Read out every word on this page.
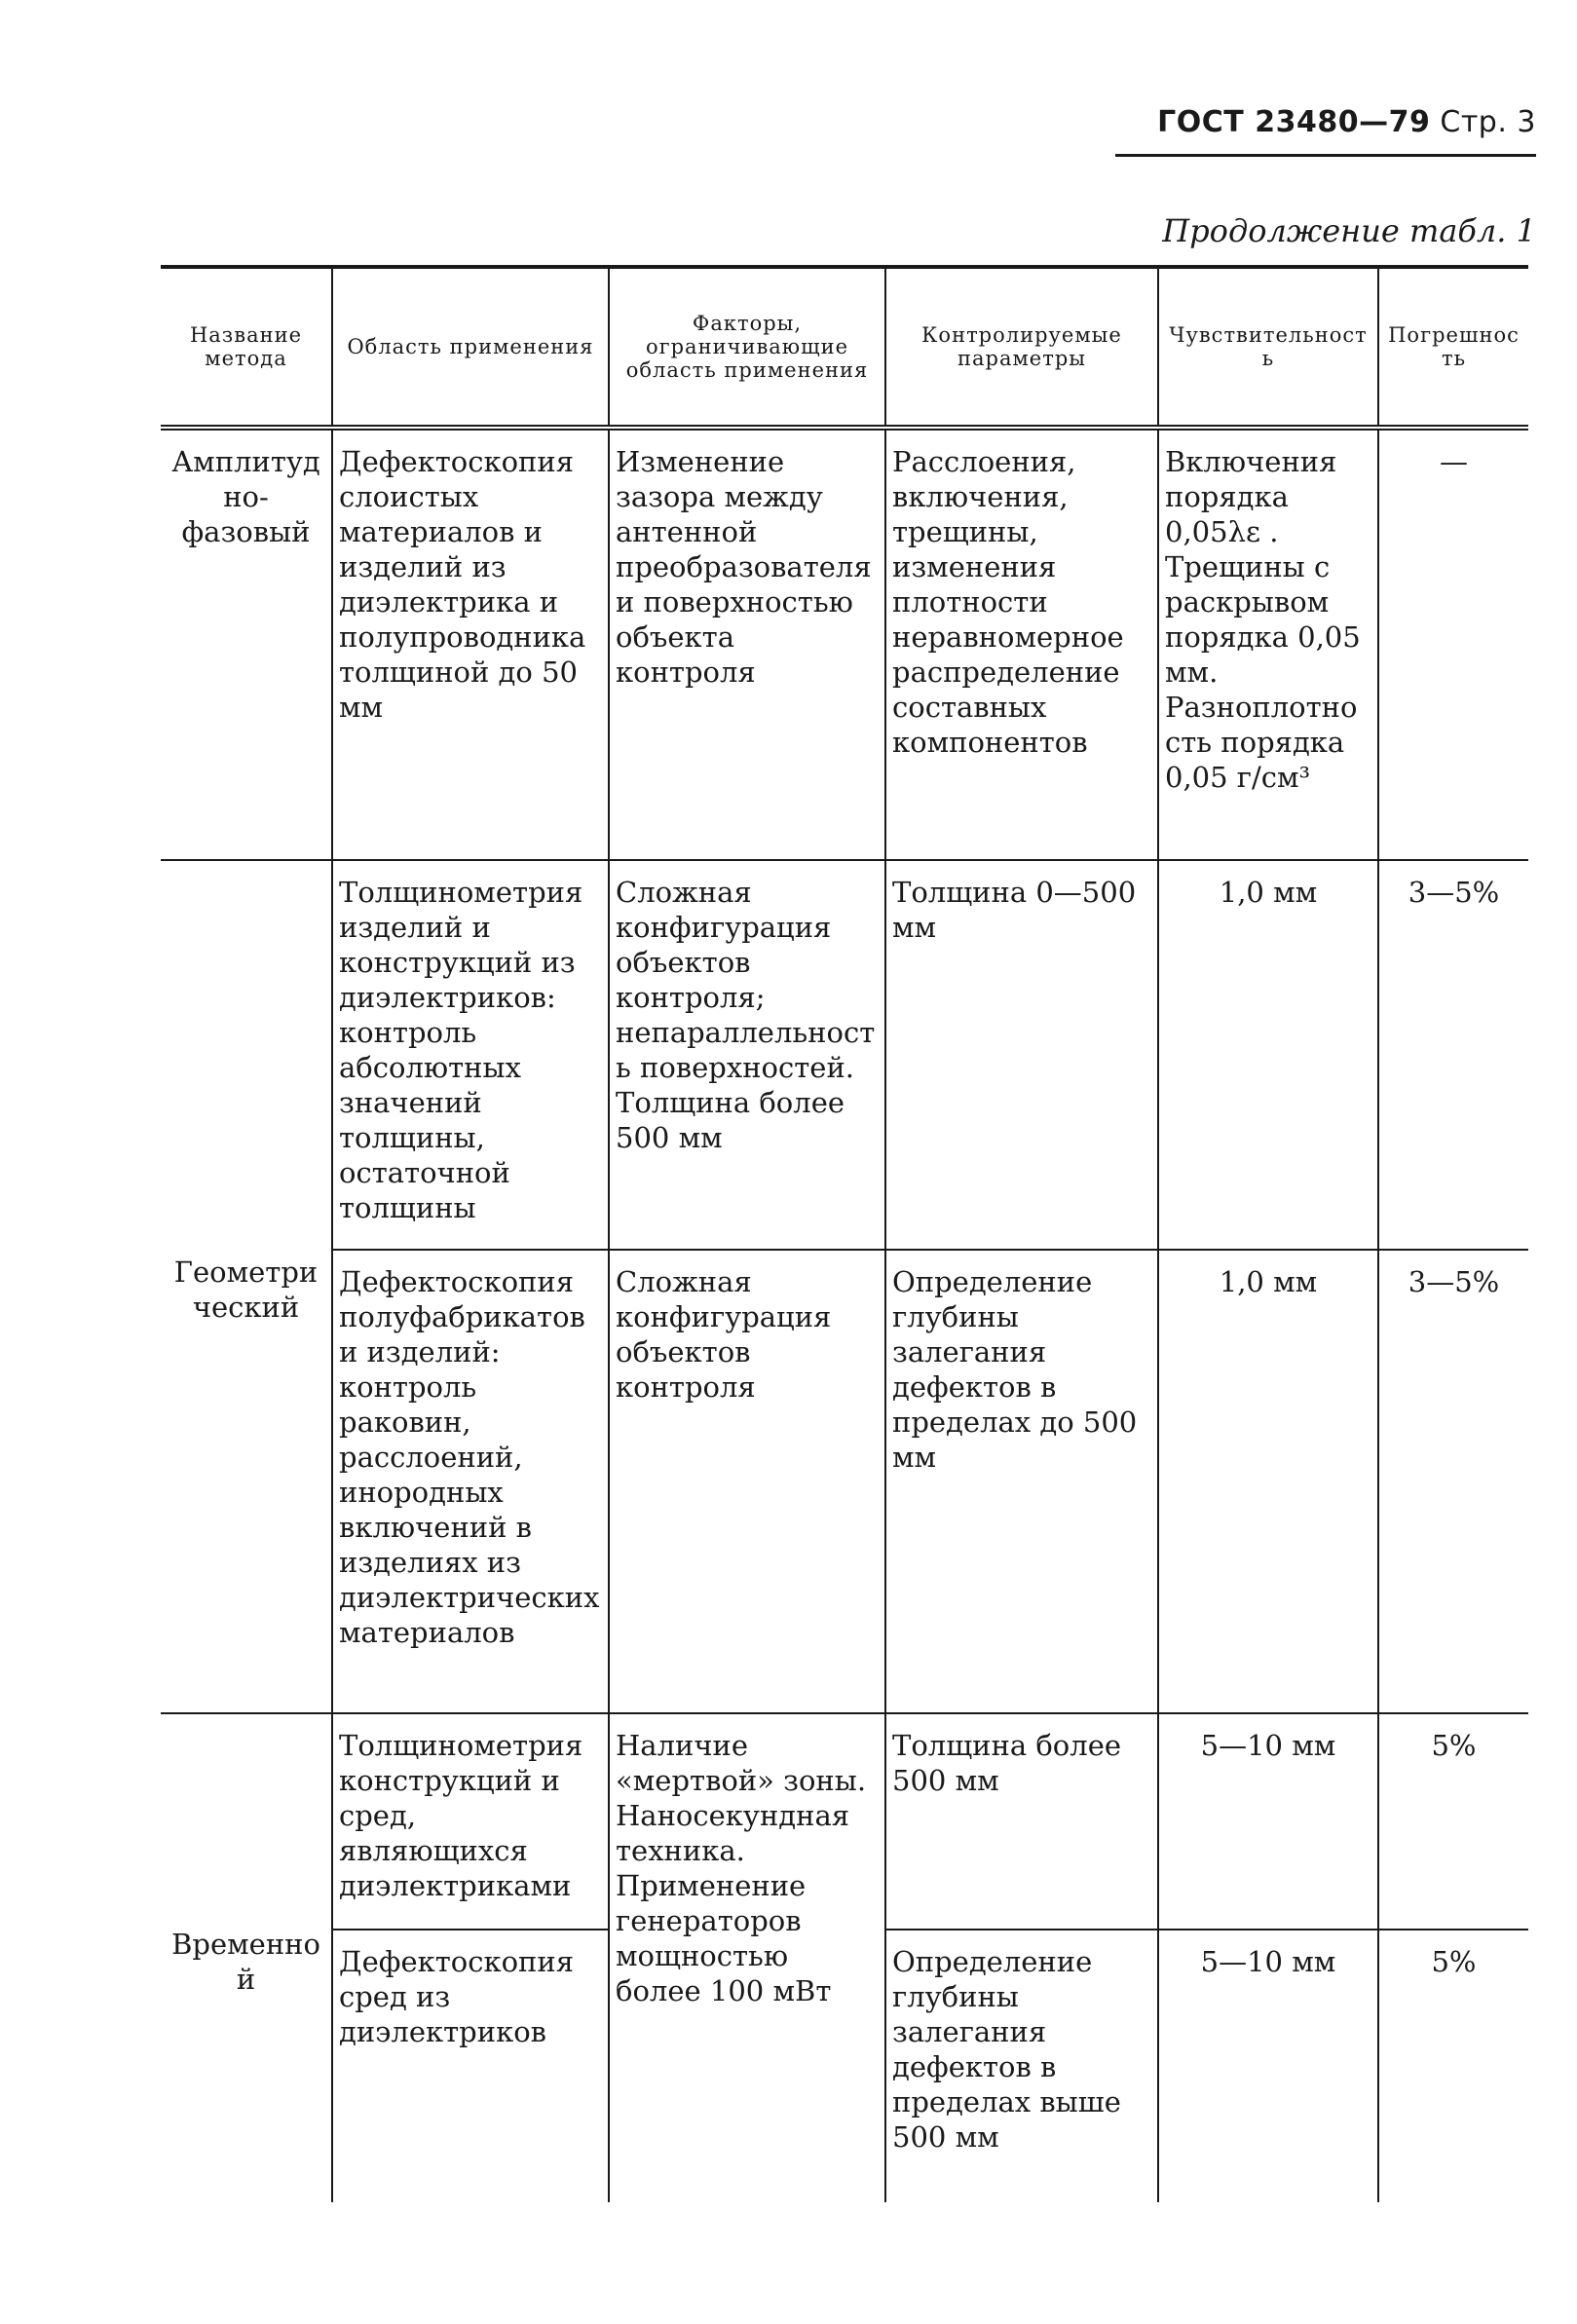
ГОСТ 23480—79 Стр. 3
Продолжение табл. 1
Название метода	Область применения	Факторы, ограничивающие область применения	Контролируемые параметры	Чувствительность	Погрешность
Амплитудно-фазовый	Дефектоскопия слоистых материалов и изделий из диэлектрика и полупроводника толщиной до 50 мм	Изменение зазора между антенной преобразователя и поверхностью объекта контроля	Расслоения, включения, трещины, изменения плотности неравномерное распределение составных компонентов	Включения порядка 0,05λε . Трещины с раскрывом порядка 0,05 мм. Разноплотность порядка 0,05 г/см³	—
Геометрический	Толщинометрия изделий и конструкций из диэлектриков: контроль абсолютных значений толщины, остаточной толщины	Сложная конфигурация объектов контроля; непараллельность поверхностей. Толщина более 500 мм	Толщина 0—500 мм	1,0 мм	3—5%
	Дефектоскопия полуфабрикатов и изделий: контроль раковин, расслоений, инородных включений в изделиях из диэлектрических материалов	Сложная конфигурация объектов контроля	Определение глубины залегания дефектов в пределах до 500 мм	1,0 мм	3—5%
Временной	Толщинометрия конструкций и сред, являющихся диэлектриками	Наличие «мертвой» зоны. Наносекундная техника. Применение генераторов мощностью более 100 мВт	Толщина более 500 мм	5—10 мм	5%
	Дефектоскопия сред из диэлектриков		Определение глубины залегания дефектов в пределах выше 500 мм	5—10 мм	5%
